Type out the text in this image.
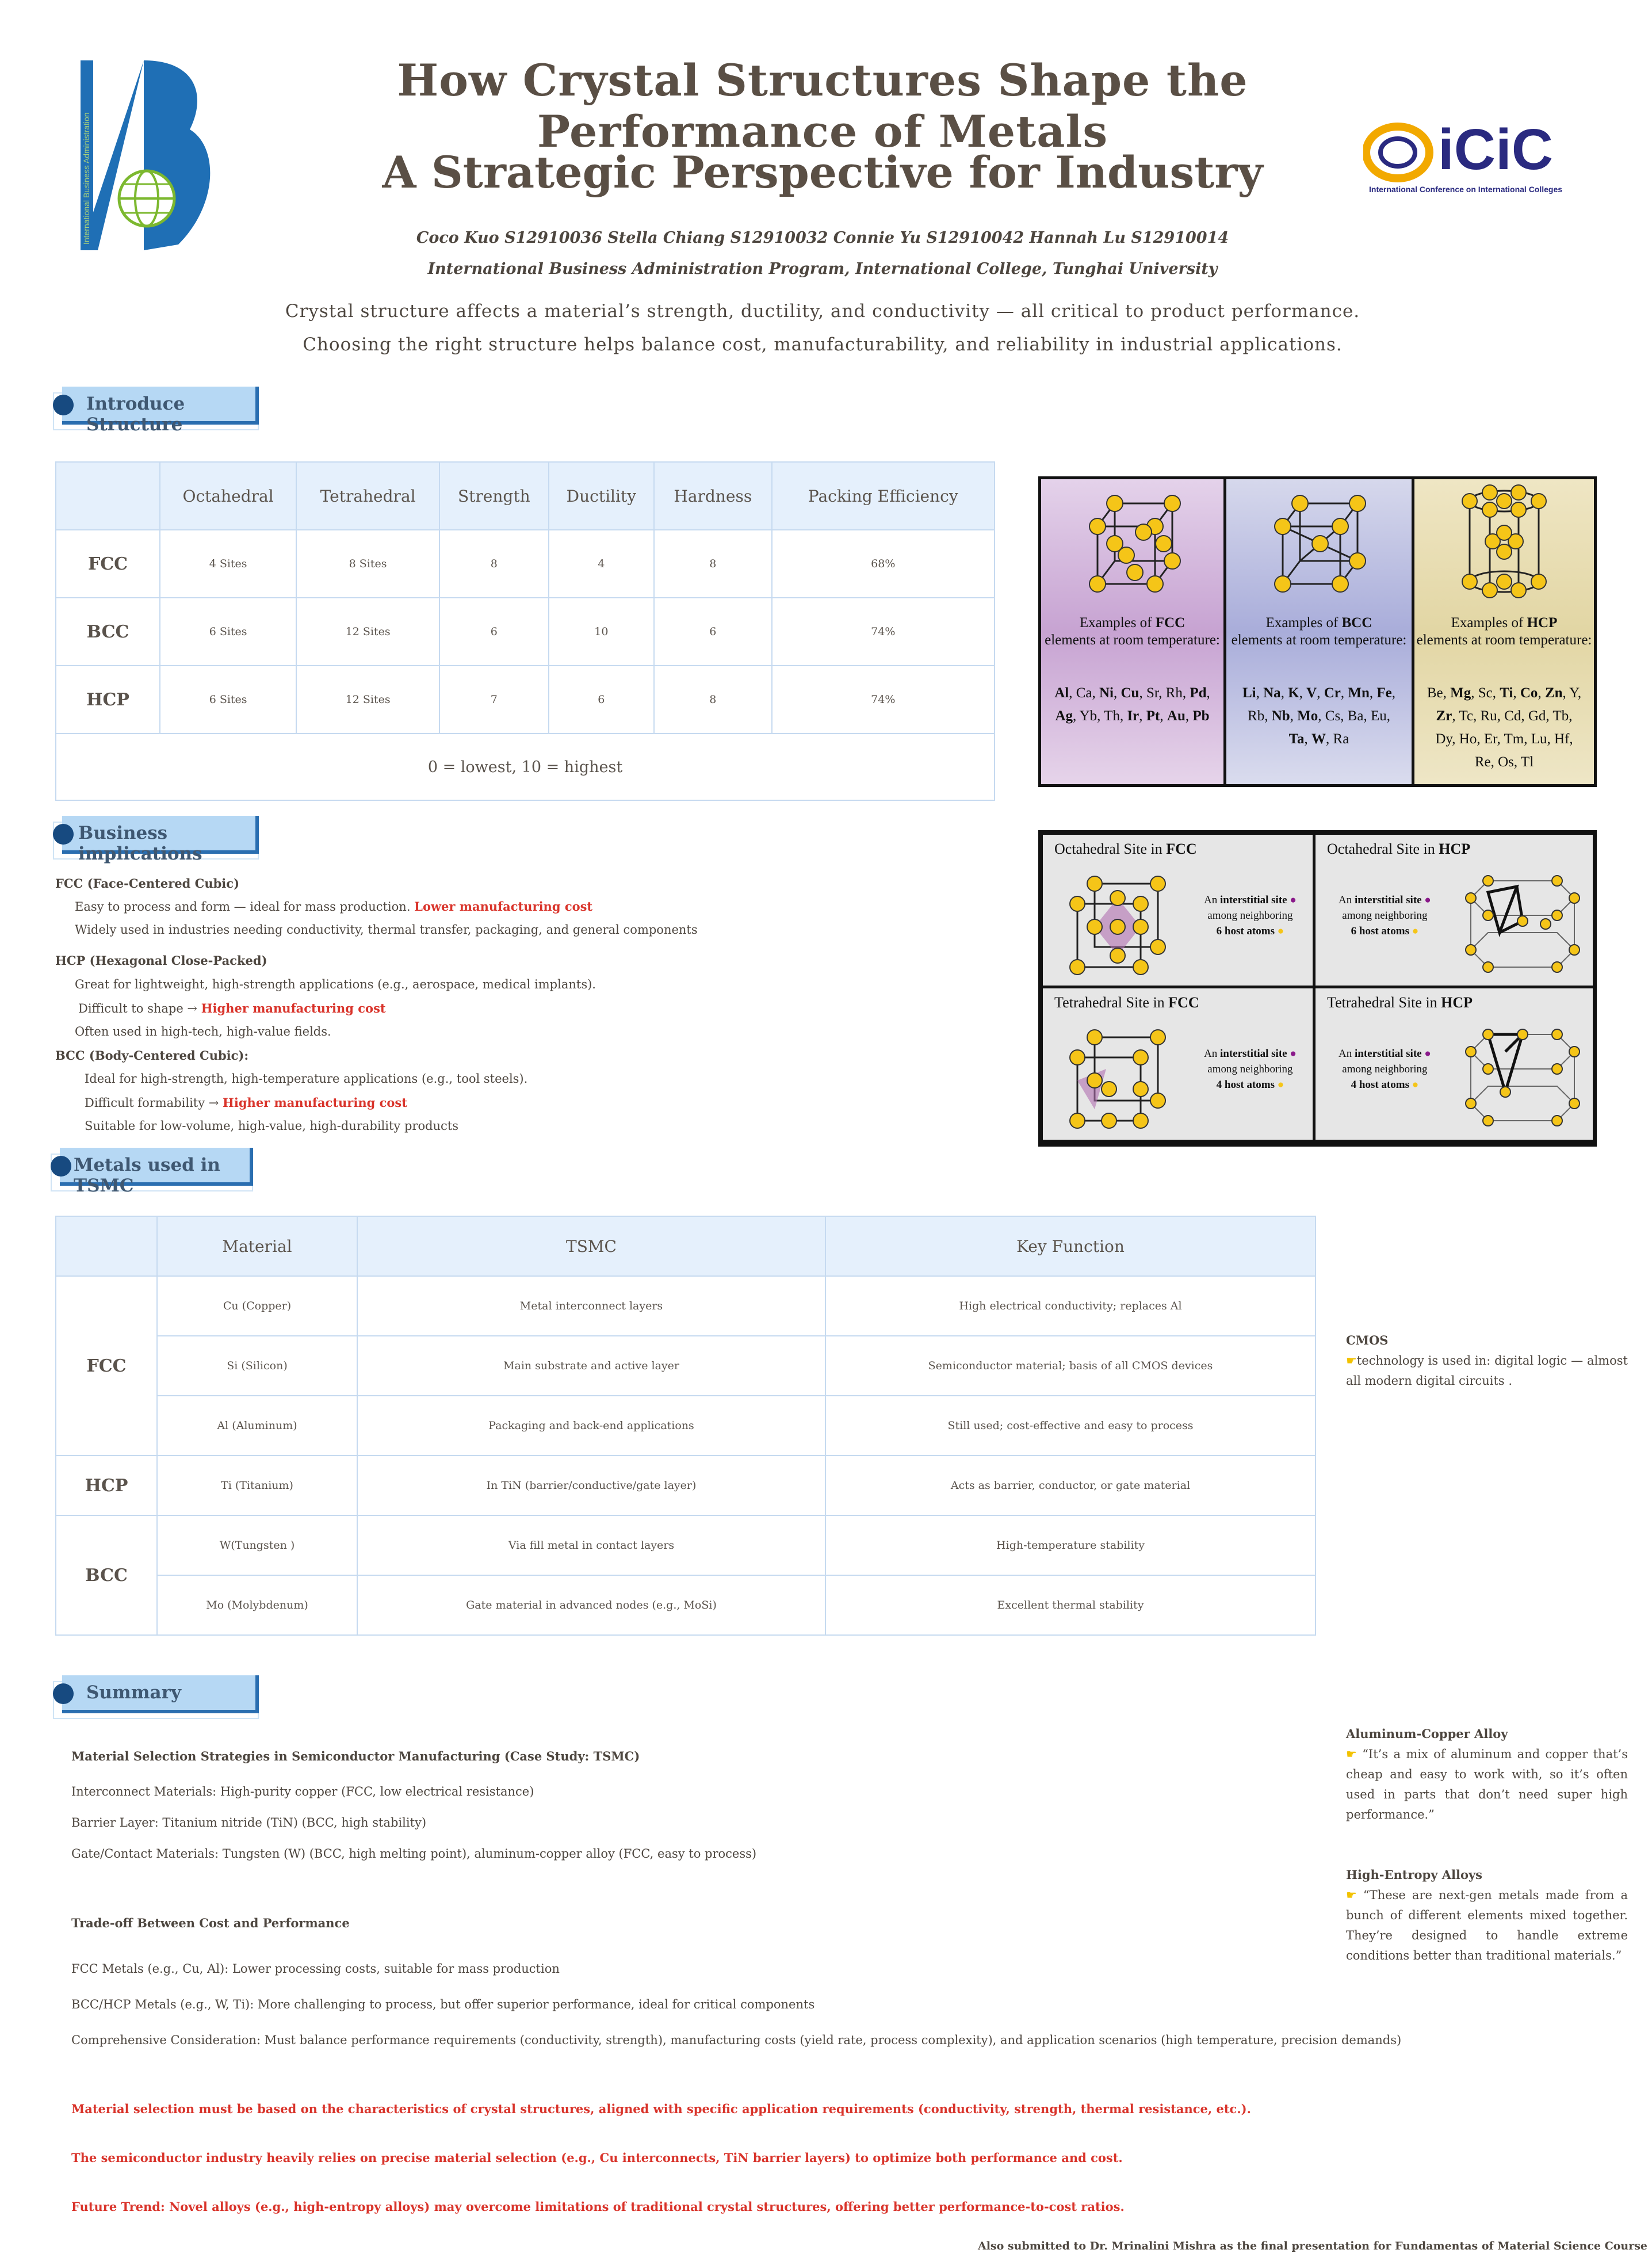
International Business Administration
How Crystal Structures Shape the Performance of Metals
A Strategic Perspective for Industry	iCiC
International Conference on International Colleges
Coco Kuo S12910036 Stella Chiang S12910032 Connie Yu S12910042 Hannah Lu S12910014
International Business Administration Program, International College, Tunghai University
Crystal structure affects a material’s strength, ductility, and conductivity — all critical to product performance.
Choosing the right structure helps balance cost, manufacturability, and reliability in industrial applications.
Introduce Structure
	Octahedral	Tetrahedral	Strength	Ductility	Hardness	Packing Efficiency
FCC	4 Sites	8 Sites	8	4	8	68%
BCC	6 Sites	12 Sites	6	10	6	74%
HCP	6 Sites	12 Sites	7	6	8	74%
0 = lowest, 10 = highest						
Examples of FCC
elements at room temperature:
Al, Ca, Ni, Cu, Sr, Rh, Pd, Ag, Yb, Th, Ir, Pt, Au, Pb
Examples of BCC
elements at room temperature:
Li, Na, K, V, Cr, Mn, Fe, Rb, Nb, Mo, Cs, Ba, Eu, Ta, W, Ra
Examples of HCP
elements at room temperature:
Be, Mg, Sc, Ti, Co, Zn, Y, Zr, Tc, Ru, Cd, Gd, Tb, Dy, Ho, Er, Tm, Lu, Hf, Re, Os, Tl
Octahedral Site in FCC
An interstitial site ●
among neighboring
6 host atoms ●
Octahedral Site in HCP
An interstitial site ●
among neighboring
6 host atoms ●
Tetrahedral Site in FCC
An interstitial site ●
among neighboring
4 host atoms ●
Tetrahedral Site in HCP
An interstitial site ●
among neighboring
4 host atoms ●
Business implications
FCC (Face-Centered Cubic)
Easy to process and form — ideal for mass production. Lower manufacturing cost
Widely used in industries needing conductivity, thermal transfer, packaging, and general components
HCP (Hexagonal Close-Packed)
Great for lightweight, high-strength applications (e.g., aerospace, medical implants).
Difficult to shape → Higher manufacturing cost
Often used in high-tech, high-value fields.
BCC (Body-Centered Cubic):
Ideal for high-strength, high-temperature applications (e.g., tool steels).
Difficult formability → Higher manufacturing cost
Suitable for low-volume, high-value, high-durability products
Metals used in TSMC
	Material	TSMC	Key Function
FCC	Cu (Copper)	Metal interconnect layers	High electrical conductivity; replaces Al
	Si (Silicon)	Main substrate and active layer	Semiconductor material; basis of all CMOS devices
	Al (Aluminum)	Packaging and back-end applications	Still used; cost-effective and easy to process
HCP	Ti (Titanium)	In TiN (barrier/conductive/gate layer)	Acts as barrier, conductor, or gate material
BCC	W(Tungsten )	Via fill metal in contact layers	High-temperature stability
	Mo (Molybdenum)	Gate material in advanced nodes (e.g., MoSi)	Excellent thermal stability
CMOS
☛technology is used in: digital logic — almost all modern digital circuits .
Aluminum-Copper Alloy
☛ “It’s a mix of aluminum and copper that’s cheap and easy to work with, so it’s often used in parts that don’t need super high performance.”
High-Entropy Alloys
☛ “These are next-gen metals made from a bunch of different elements mixed together. They’re designed to handle extreme conditions better than traditional materials.”
Summary
Material Selection Strategies in Semiconductor Manufacturing (Case Study: TSMC)
Interconnect Materials: High-purity copper (FCC, low electrical resistance)
Barrier Layer: Titanium nitride (TiN) (BCC, high stability)
Gate/Contact Materials: Tungsten (W) (BCC, high melting point), aluminum-copper alloy (FCC, easy to process)
Trade-off Between Cost and Performance
FCC Metals (e.g., Cu, Al): Lower processing costs, suitable for mass production
BCC/HCP Metals (e.g., W, Ti): More challenging to process, but offer superior performance, ideal for critical components
Comprehensive Consideration: Must balance performance requirements (conductivity, strength), manufacturing costs (yield rate, process complexity), and application scenarios (high temperature, precision demands)
Material selection must be based on the characteristics of crystal structures, aligned with specific application requirements (conductivity, strength, thermal resistance, etc.).
The semiconductor industry heavily relies on precise material selection (e.g., Cu interconnects, TiN barrier layers) to optimize both performance and cost.
Future Trend: Novel alloys (e.g., high-entropy alloys) may overcome limitations of traditional crystal structures, offering better performance-to-cost ratios.
Also submitted to Dr. Mrinalini Mishra as the final presentation for Fundamentas of Material Science Course
